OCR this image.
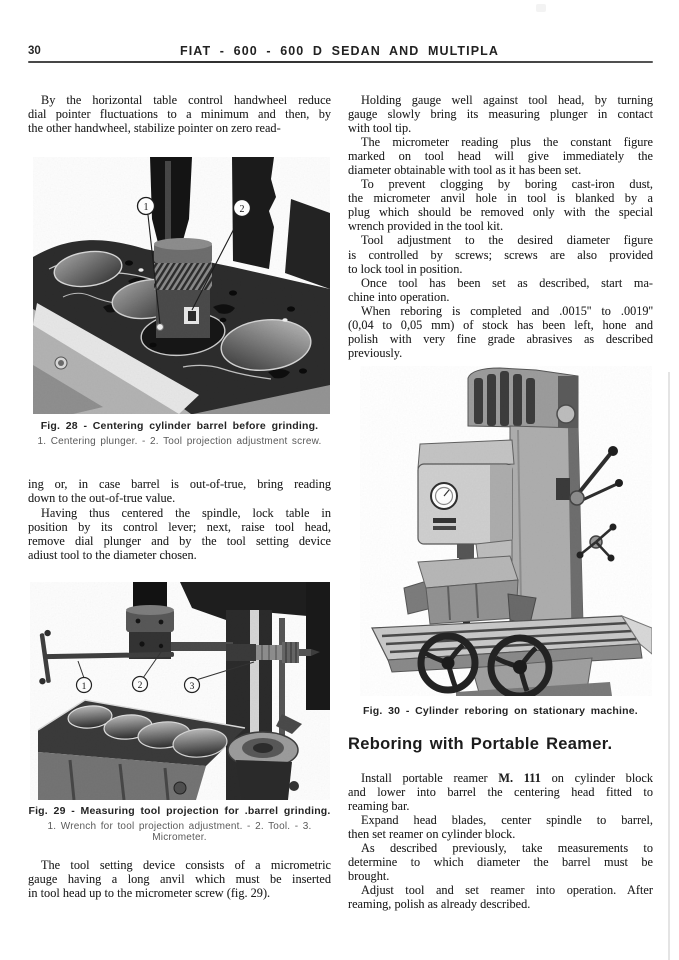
30	FIAT - 600 - 600 D SEDAN AND MULTIPLA
By the horizontal table control handwheel reduce
dial pointer fluctuations to a minimum and then, by
the other handwheel, stabilize pointer on zero read-
1	2
Fig. 28 - Centering cylinder barrel before grinding.
1. Centering plunger. - 2. Tool projection adjustment screw.
ing or, in case barrel is out-of-true, bring reading
down to the out-of-true value.
Having thus centered the spindle, lock table in
position by its control lever; next, raise tool head,
remove dial plunger and by the tool setting device
adiust tool to the diameter chosen.
1	2	3
Fig. 29 - Measuring tool projection for .barrel grinding.
1. Wrench for tool projection adjustment. - 2. Tool. - 3. Micrometer.
The tool setting device consists of a micrometric
gauge having a long anvil which must be inserted
in tool head up to the micrometer screw (fig. 29).
Holding gauge well against tool head, by turning
gauge slowly bring its measuring plunger in contact
with tool tip.
The micrometer reading plus the constant figure
marked on tool head will give immediately the
diameter obtainable with tool as it has been set.
To prevent clogging by boring cast-iron dust,
the micrometer anvil hole in tool is blanked by a
plug which should be removed only with the special
wrench provided in the tool kit.
Tool adjustment to the desired diameter figure
is controlled by screws; screws are also provided
to lock tool in position.
Once tool has been set as described, start ma-
chine into operation.
When reboring is completed and .0015'' to .0019''
(0,04 to 0,05 mm) of stock has been left, hone and
polish with very fine grade abrasives as described
previously.
Fig. 30 - Cylinder reboring on stationary machine.
Reboring with Portable Reamer.
Install portable reamer M. 111 on cylinder block
and lower into barrel the centering head fitted to
reaming bar.
Expand head blades, center spindle to barrel,
then set reamer on cylinder block.
As described previously, take measurements to
determine to which diameter the barrel must be
brought.
Adjust tool and set reamer into operation. After
reaming, polish as already described.
